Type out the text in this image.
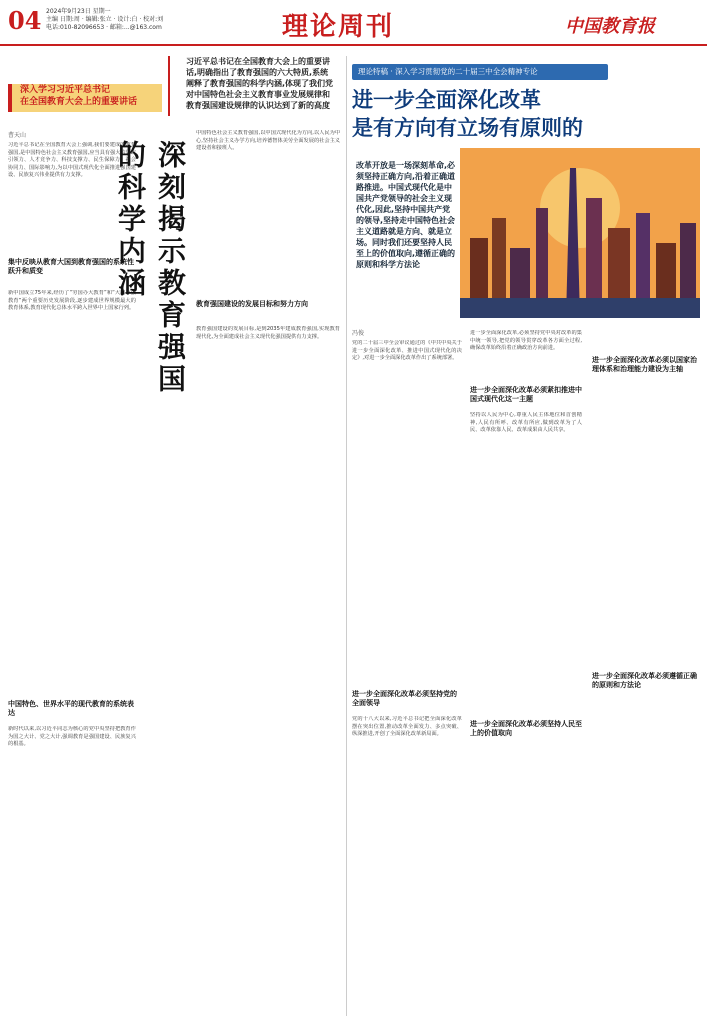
04 2024年9月23日 星期一
主编 日期:周 · 编辑:张立 · 设计:白 · 校对:刘
电话:010-82096653 · 邮箱:...@163.com	理论周刊	中国教育报
深入学习习近平总书记
在全国教育大会上的重要讲话
习近平总书记在全国教育大会上的重要讲话,明确指出了教育强国的六大特质,系统阐释了教育强国的科学内涵,体现了我们党对中国特色社会主义教育事业发展规律和教育强国建设规律的认识达到了新的高度
曹天山
习近平总书记在全国教育大会上强调,我们要建成的教育强国,是中国特色社会主义教育强国,应当具有强大的思政引领力、人才竞争力、科技支撑力、民生保障力、社会协同力、国际影响力,为以中国式现代化全面推进强国建设、民族复兴伟业提供有力支撑。
集中反映从教育大国到教育强国的系统性跃升和质变
新中国成立75年来,经历了“穷国办大教育”和“大国办强教育”两个重要历史发展阶段,逐步建成世界规模最大的教育体系,教育现代化总体水平跨入世界中上国家行列。
中国特色、世界水平的现代教育的系统表达
新时代以来,以习近平同志为核心的党中央坚持把教育作为国之大计、党之大计,强调教育是强国建设、民族复兴的根基。
深刻揭示教育强国的科学内涵
中国特色社会主义教育强国,以中国式现代化为方向,以人民为中心,坚持社会主义办学方向,培养德智体美劳全面发展的社会主义建设者和接班人。
教育强国建设的发展目标和努力方向
教育强国建设的发展目标,是到2035年建成教育强国,实现教育现代化,为全面建成社会主义现代化强国提供有力支撑。
理论特稿 · 深入学习贯彻党的二十届三中全会精神专论
进一步全面深化改革
是有方向有立场有原则的
改革开放是一场深刻革命,必须坚持正确方向,沿着正确道路推进。中国式现代化是中国共产党领导的社会主义现代化,因此,坚持中国共产党的领导,坚持走中国特色社会主义道路就是方向、就是立场。同时我们还要坚持人民至上的价值取向,遵循正确的原则和科学方法论
冯俊
党的二十届三中全会审议通过的《中共中央关于进一步全面深化改革、推进中国式现代化的决定》,对进一步全面深化改革作出了系统部署。
进一步全面深化改革必须坚持党的全面领导
党的十八大以来,习近平总书记把全面深化改革摆在突出位置,推动改革全面发力、多点突破、纵深推进,开创了全面深化改革新局面。
进一步全面深化改革,必须坚持党中央对改革的集中统一领导,把党的领导贯穿改革各方面全过程,确保改革始终沿着正确政治方向前进。
进一步全面深化改革必须紧扣推进中国式现代化这一主题
坚持以人民为中心,尊重人民主体地位和首创精神,人民有所呼、改革有所应,做到改革为了人民、改革依靠人民、改革成果由人民共享。
进一步全面深化改革必须坚持人民至上的价值取向
进一步全面深化改革必须以国家治理体系和治理能力建设为主轴
进一步全面深化改革必须遵循正确的原则和方法论
